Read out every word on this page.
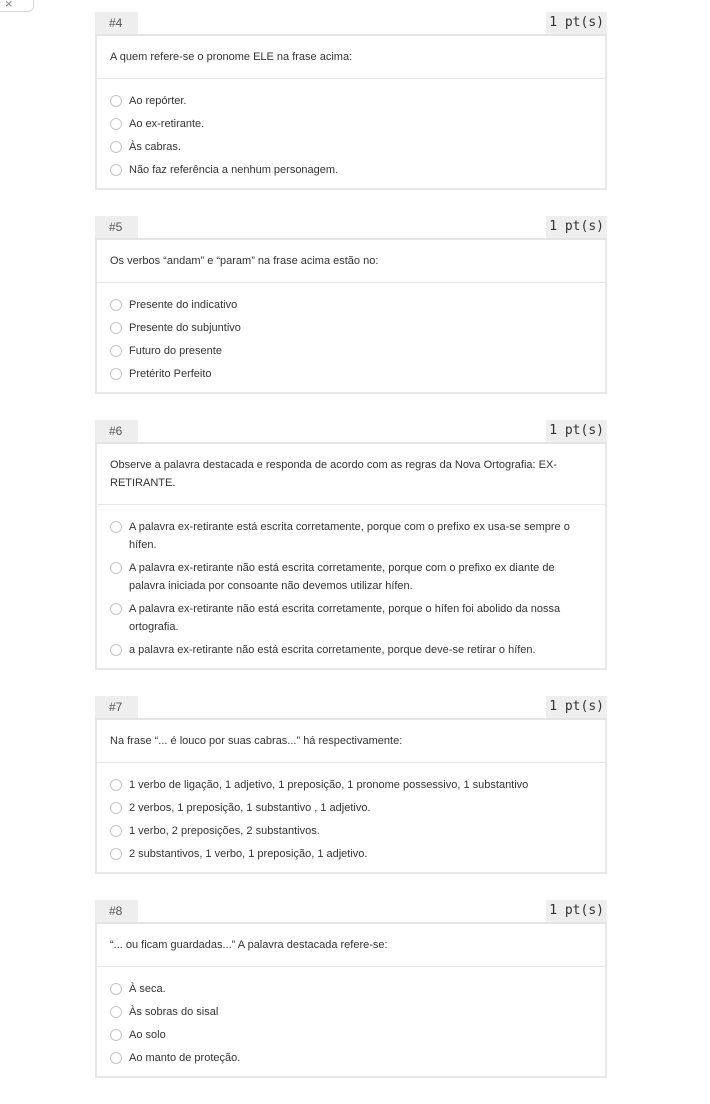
×
#4	1 pt(s)
A quem refere-se o pronome ELE na frase acima:
Ao repórter.
Ao ex-retirante.
Às cabras.
Não faz referência a nenhum personagem.
#5	1 pt(s)
Os verbos “andam” e “param” na frase acima estão no:
Presente do indicativo
Presente do subjuntivo
Futuro do presente
Pretérito Perfeito
#6	1 pt(s)
Observe a palavra destacada e responda de acordo com as regras da Nova Ortografia: EX-RETIRANTE.
A palavra ex-retirante está escrita corretamente, porque com o prefixo ex usa-se sempre o hífen.
A palavra ex-retirante não está escrita corretamente, porque com o prefixo ex diante de palavra iniciada por consoante não devemos utilizar hífen.
A palavra ex-retirante não está escrita corretamente, porque o hífen foi abolido da nossa ortografia.
a palavra ex-retirante não está escrita corretamente, porque deve-se retirar o hífen.
#7	1 pt(s)
Na frase “... é louco por suas cabras...” há respectivamente:
1 verbo de ligação, 1 adjetivo, 1 preposição, 1 pronome possessivo, 1 substantivo
2 verbos, 1 preposição, 1 substantivo , 1 adjetivo.
1 verbo, 2 preposições, 2 substantivos.
2 substantivos, 1 verbo, 1 preposição, 1 adjetivo.
#8	1 pt(s)
“... ou ficam guardadas...” A palavra destacada refere-se:
À seca.
Às sobras do sisal
Ao solo
Ao manto de proteção.
